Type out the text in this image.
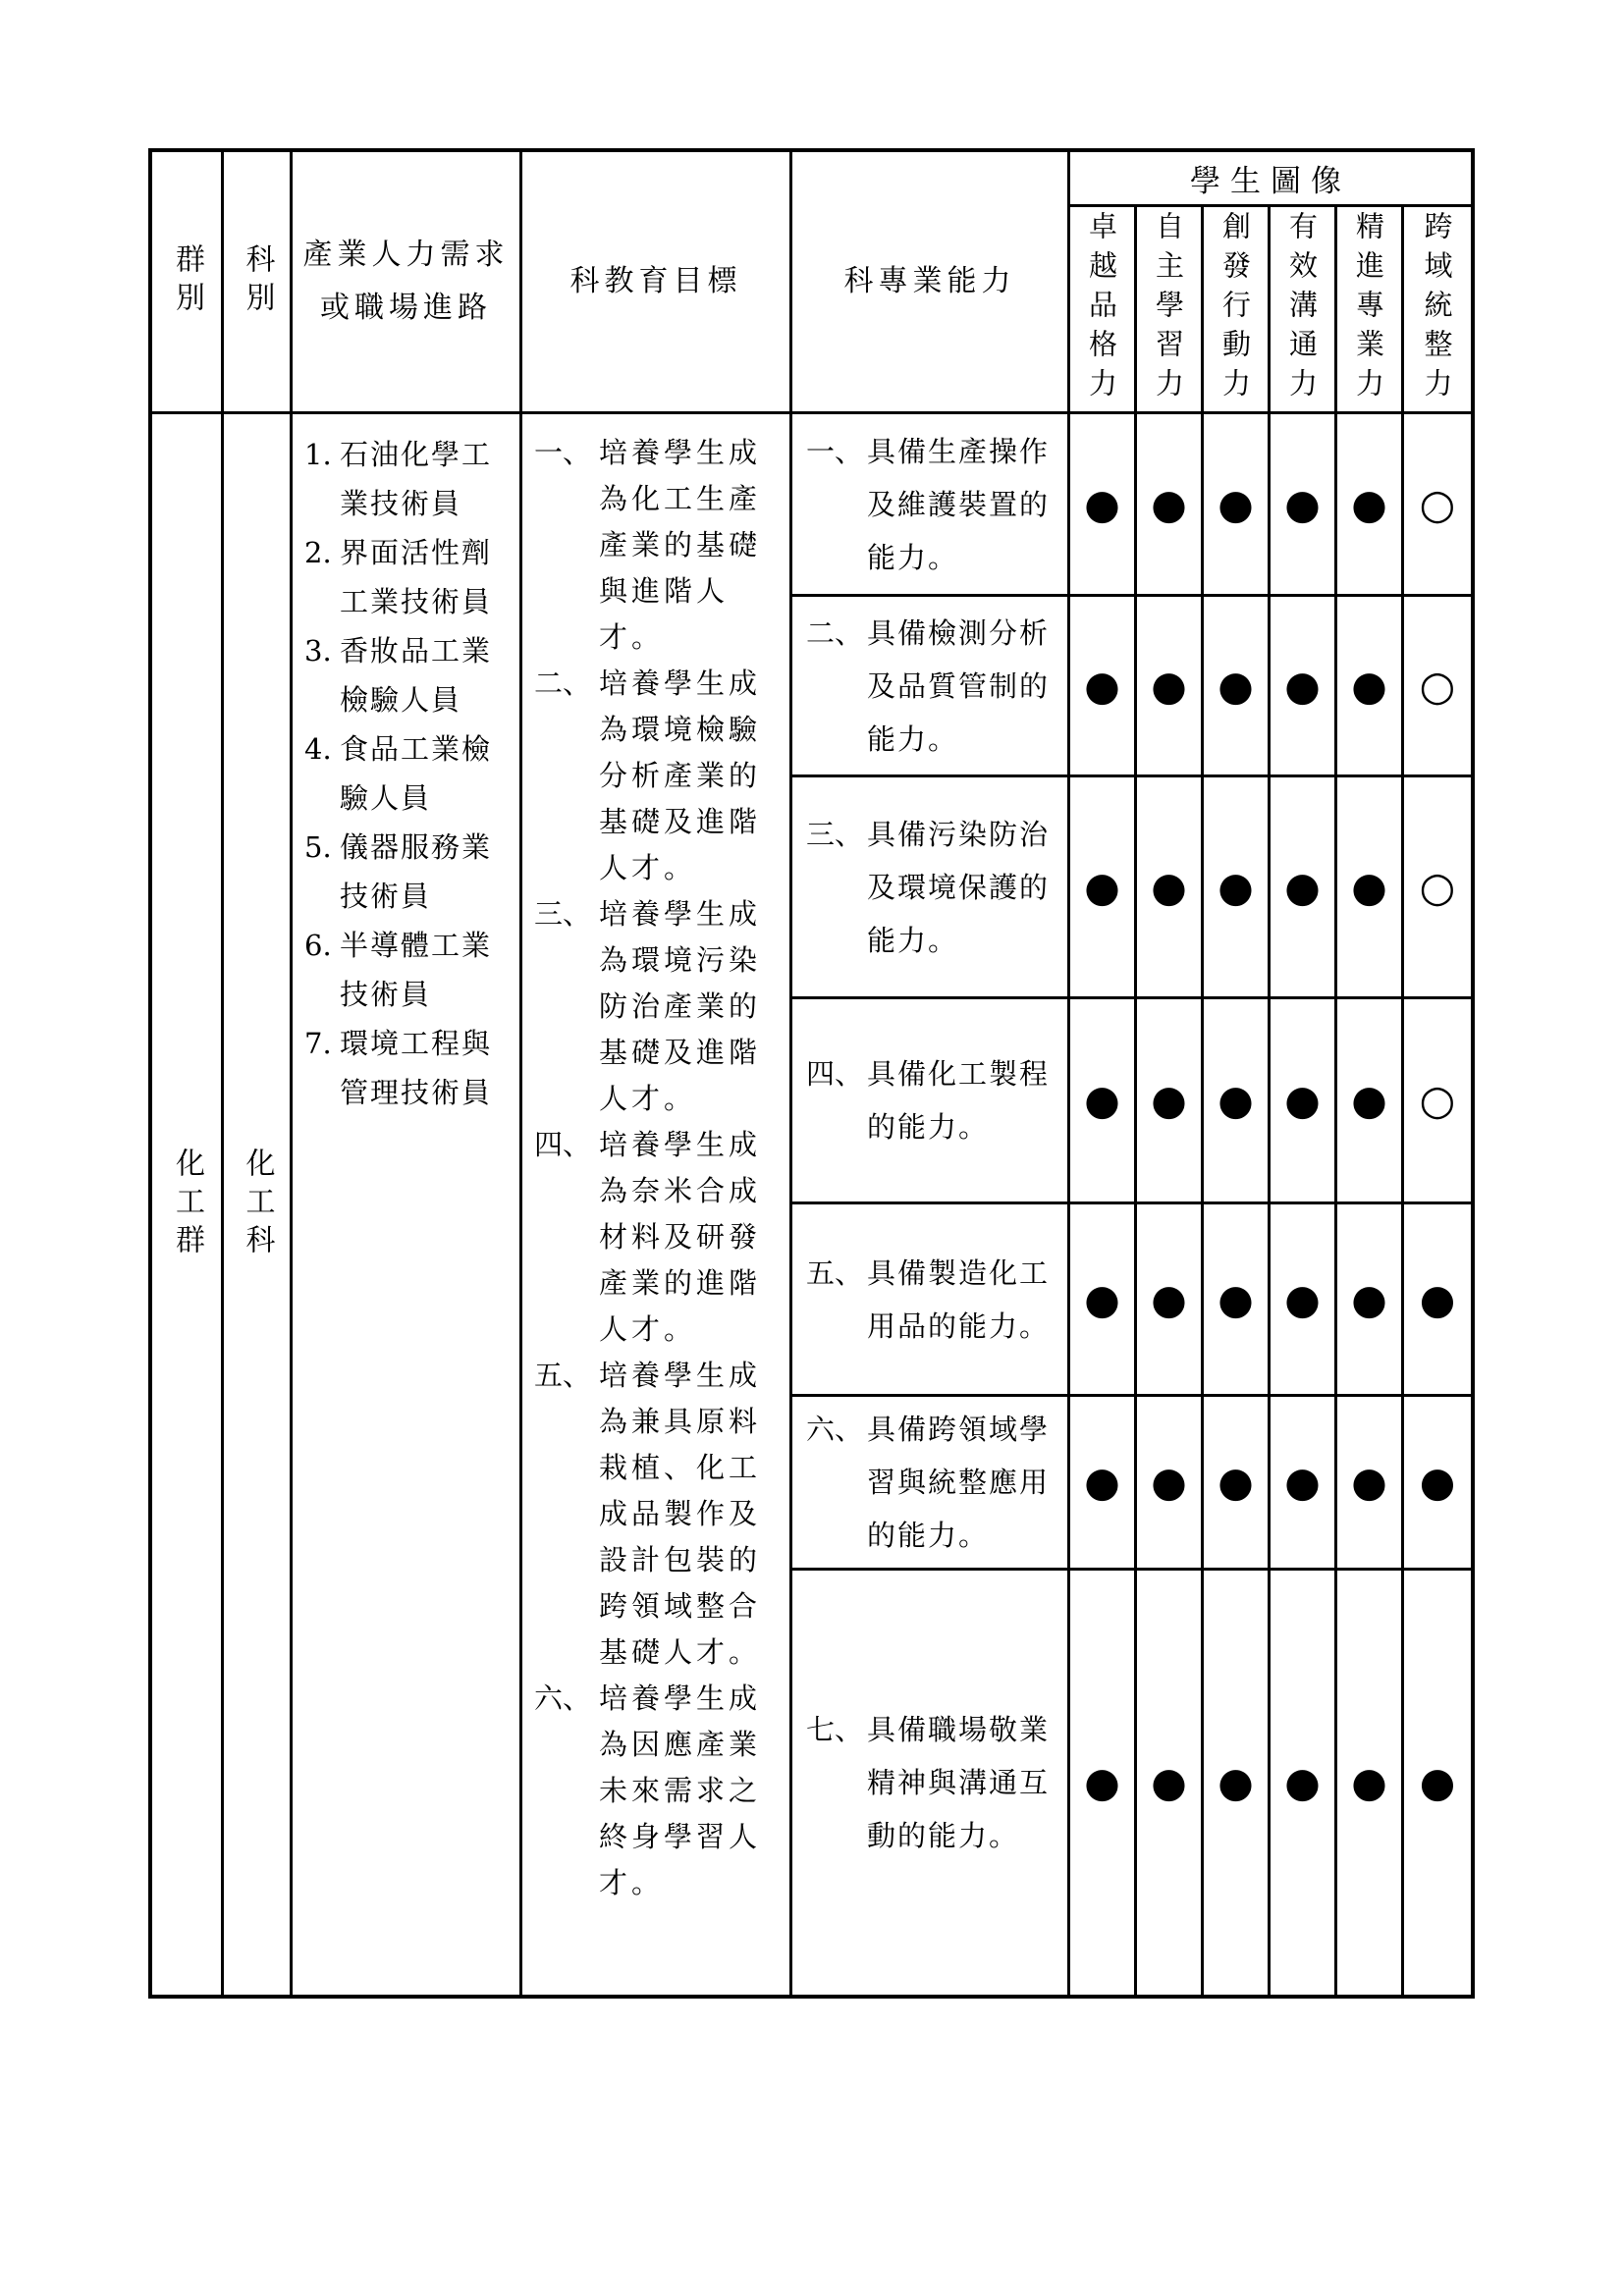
群別 科別 產業人力需求
或職場進路
科教育目標	科專業能力
學生圖像
卓越品格力 自主學習力 創發行動力 有效溝通力 精進專業力 跨域統整力
化工群 化工科
1. 石油化學工業技術員
2. 界面活性劑工業技術員
3. 香妝品工業檢驗人員
4. 食品工業檢驗人員
5. 儀器服務業技術員
6. 半導體工業技術員
7. 環境工程與管理技術員
一、 培養學生成為化工生產產業的基礎與進階人才。
二、 培養學生成為環境檢驗分析產業的基礎及進階人才。
三、 培養學生成為環境污染防治產業的基礎及進階人才。
四、 培養學生成為奈米合成材料及研發產業的進階人才。
五、 培養學生成為兼具原料栽植、化工成品製作及設計包裝的跨領域整合基礎人才。
六、 培養學生成為因應產業未來需求之終身學習人才。
一、 具備生產操作及維護裝置的能力。
● ● ● ● ● ○
二、 具備檢測分析及品質管制的能力。
● ● ● ● ● ○
三、 具備污染防治及環境保護的能力。
● ● ● ● ● ○
四、 具備化工製程的能力。
● ● ● ● ● ○
五、 具備製造化工用品的能力。
● ● ● ● ● ●
六、 具備跨領域學習與統整應用的能力。
● ● ● ● ● ●
七、 具備職場敬業精神與溝通互動的能力。
● ● ● ● ● ●
